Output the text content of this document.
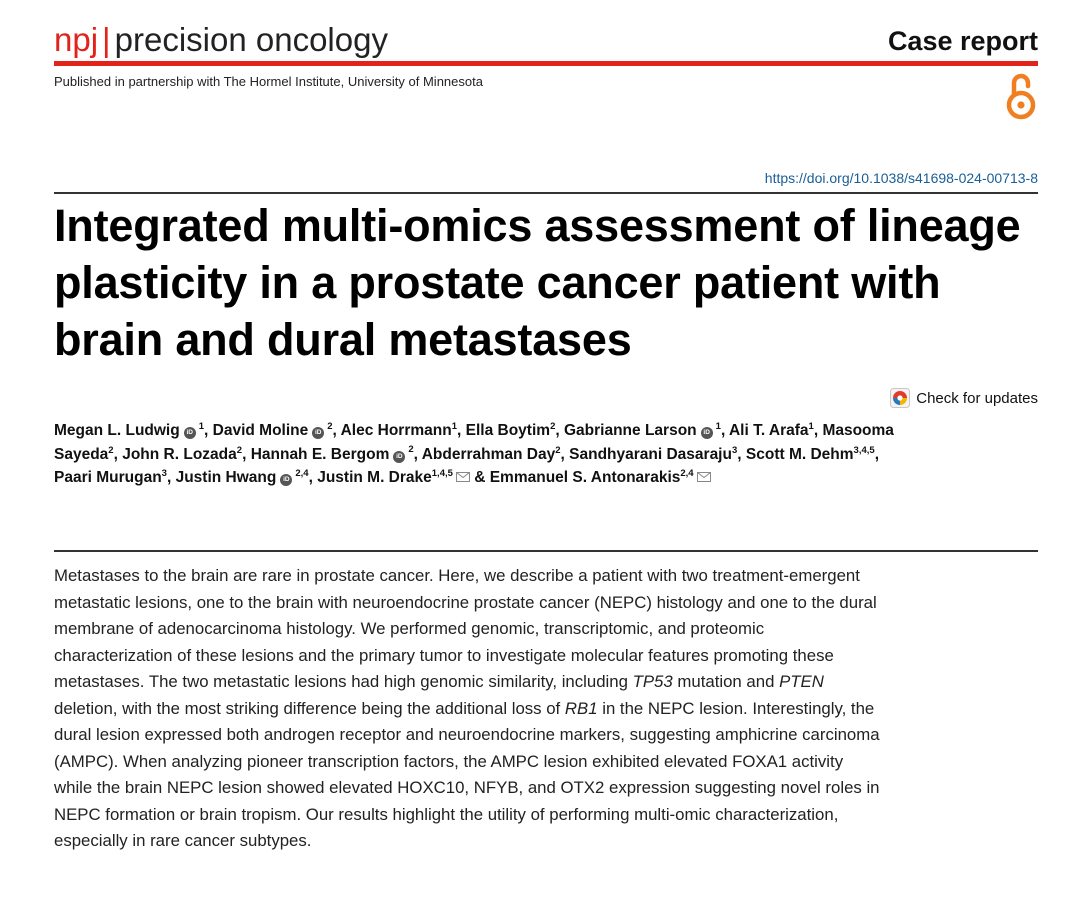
npj | precision oncology	Case report
Published in partnership with The Hormel Institute, University of Minnesota
https://doi.org/10.1038/s41698-024-00713-8
Integrated multi-omics assessment of lineage plasticity in a prostate cancer patient with brain and dural metastases
Check for updates

Megan L. Ludwig $iD^1$, David Moline $iD^2$, Alec Horrmann$^1$, Ella Boytim$^2$, Gabrianne Larson $iD^1$, Ali T. Arafa$^1$, Masooma Sayeda$^2$, John R. Lozada$^2$, Hannah E. Bergom $iD^2$, Abderrahman Day$^2$, Sandhyarani Dasaraju$^3$, Scott M. Dehm$^{3,4,5}$, Paari Murugan$^3$, Justin Hwang iD$^{2,4}$, Justin M. Drake$^{1,4,5}$ & Emmanuel S. Antonarakis$^{2,4}$

Metastases to the brain are rare in prostate cancer. Here, we describe a patient with two treatment-emergent metastatic lesions, one to the brain with neuroendocrine prostate cancer (NEPC) histology and one to the dural membrane of adenocarcinoma histology. We performed genomic, transcriptomic, and proteomic characterization of these lesions and the primary tumor to investigate molecular features promoting these metastases. The two metastatic lesions had high genomic similarity, including TP53 mutation and PTEN deletion, with the most striking difference being the additional loss of RB1 in the NEPC lesion. Interestingly, the dural lesion expressed both androgen receptor and neuroendocrine markers, suggesting amphicrine carcinoma (AMPC). When analyzing pioneer transcription factors, the AMPC lesion exhibited elevated FOXA1 activity while the brain NEPC lesion showed elevated HOXC10, NFYB, and OTX2 expression suggesting novel roles in NEPC formation or brain tropism. Our results highlight the utility of performing multi-omic characterization, especially in rare cancer subtypes.
